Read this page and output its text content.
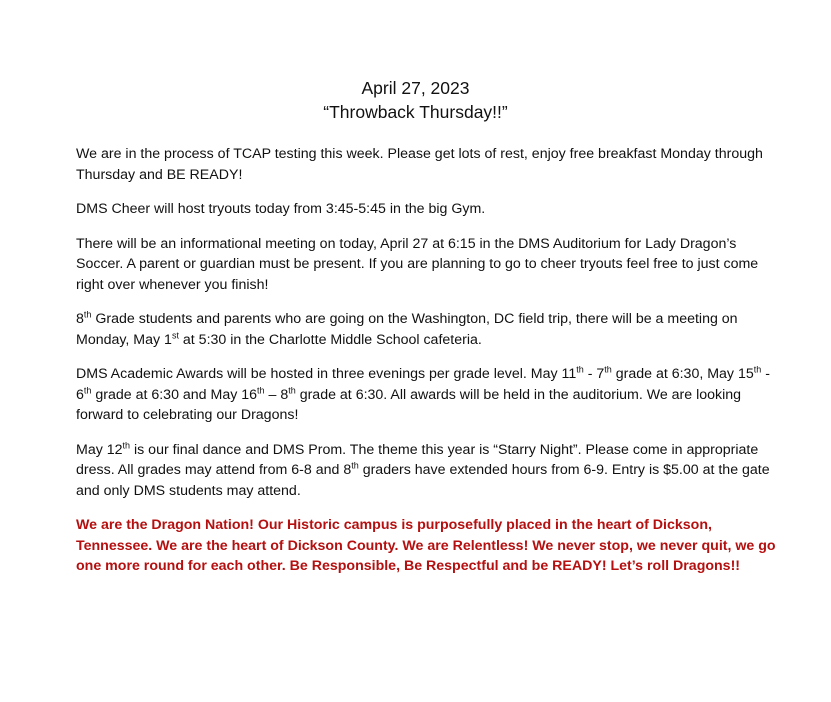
April 27, 2023

“Throwback Thursday!!”

We are in the process of TCAP testing this week. Please get lots of rest, enjoy free breakfast Monday through Thursday and BE READY!

DMS Cheer will host tryouts today from 3:45-5:45 in the big Gym.

There will be an informational meeting on today, April 27 at 6:15 in the DMS Auditorium for Lady Dragon’s Soccer. A parent or guardian must be present. If you are planning to go to cheer tryouts feel free to just come right over whenever you finish!

8th Grade students and parents who are going on the Washington, DC field trip, there will be a meeting on Monday, May 1st at 5:30 in the Charlotte Middle School cafeteria.

DMS Academic Awards will be hosted in three evenings per grade level. May 11th - 7th grade at 6:30, May 15th - 6th grade at 6:30 and May 16th – 8th grade at 6:30. All awards will be held in the auditorium. We are looking forward to celebrating our Dragons!

May 12th is our final dance and DMS Prom. The theme this year is “Starry Night”. Please come in appropriate dress. All grades may attend from 6-8 and 8th graders have extended hours from 6-9. Entry is $5.00 at the gate and only DMS students may attend.

We are the Dragon Nation! Our Historic campus is purposefully placed in the heart of Dickson, Tennessee. We are the heart of Dickson County. We are Relentless! We never stop, we never quit, we go one more round for each other. Be Responsible, Be Respectful and be READY! Let’s roll Dragons!!
